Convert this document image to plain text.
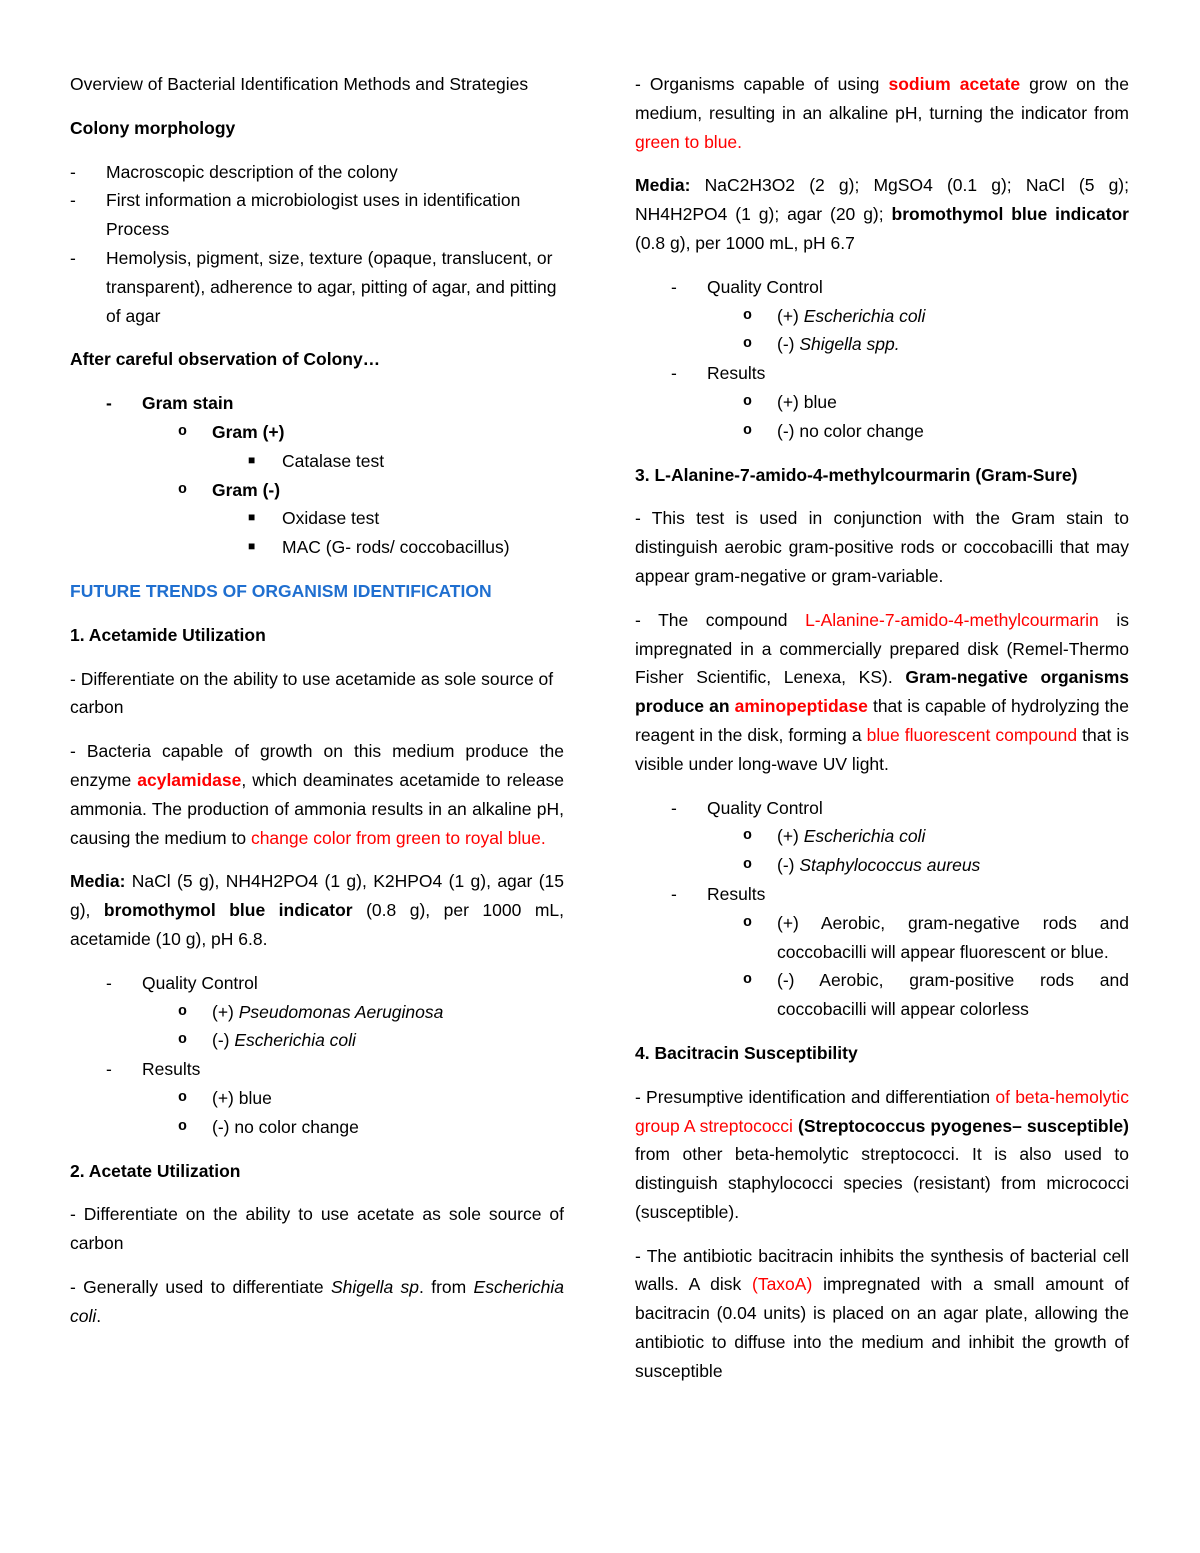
Overview of Bacterial Identification Methods and Strategies

Colony morphology

- Macroscopic description of the colony
- First information a microbiologist uses in identification Process
- Hemolysis, pigment, size, texture (opaque, translucent, or transparent), adherence to agar, pitting of agar, and pitting of agar

After careful observation of Colony…

- Gram stain
o Gram (+)
■ Catalase test
o Gram (-)
■ Oxidase test
■ MAC (G- rods/ coccobacillus)

FUTURE TRENDS OF ORGANISM IDENTIFICATION

1. Acetamide Utilization

- Differentiate on the ability to use acetamide as sole source of carbon

- Bacteria capable of growth on this medium produce the enzyme acylamidase, which deaminates acetamide to release ammonia. The production of ammonia results in an alkaline pH, causing the medium to change color from green to royal blue.

Media: NaCl (5 g), NH4H2PO4 (1 g), K2HPO4 (1 g), agar (15 g), bromothymol blue indicator (0.8 g), per 1000 mL, acetamide (10 g), pH 6.8.

- Quality Control
o (+) Pseudomonas Aeruginosa
o (-) Escherichia coli
- Results
o (+) blue
o (-) no color change

2. Acetate Utilization

- Differentiate on the ability to use acetate as sole source of carbon

- Generally used to differentiate Shigella sp. from Escherichia coli.

- Organisms capable of using sodium acetate grow on the medium, resulting in an alkaline pH, turning the indicator from green to blue.

Media: NaC2H3O2 (2 g); MgSO4 (0.1 g); NaCl (5 g); NH4H2PO4 (1 g); agar (20 g); bromothymol blue indicator (0.8 g), per 1000 mL, pH 6.7

- Quality Control
o (+) Escherichia coli
o (-) Shigella spp.
- Results
o (+) blue
o (-) no color change

3. L-Alanine-7-amido-4-methylcourmarin (Gram-Sure)

- This test is used in conjunction with the Gram stain to distinguish aerobic gram-positive rods or coccobacilli that may appear gram-negative or gram-variable.

- The compound L-Alanine-7-amido-4-methylcourmarin is impregnated in a commercially prepared disk (Remel-Thermo Fisher Scientific, Lenexa, KS). Gram-negative organisms produce an aminopeptidase that is capable of hydrolyzing the reagent in the disk, forming a blue fluorescent compound that is visible under long-wave UV light.

- Quality Control
o (+) Escherichia coli
o (-) Staphylococcus aureus
- Results
o (+) Aerobic, gram-negative rods and coccobacilli will appear fluorescent or blue.
o (-) Aerobic, gram-positive rods and coccobacilli will appear colorless

4. Bacitracin Susceptibility

- Presumptive identification and differentiation of beta-hemolytic group A streptococci (Streptococcus pyogenes– susceptible) from other beta-hemolytic streptococci. It is also used to distinguish staphylococci species (resistant) from micrococci (susceptible).

- The antibiotic bacitracin inhibits the synthesis of bacterial cell walls. A disk (TaxoA) impregnated with a small amount of bacitracin (0.04 units) is placed on an agar plate, allowing the antibiotic to diffuse into the medium and inhibit the growth of susceptible
